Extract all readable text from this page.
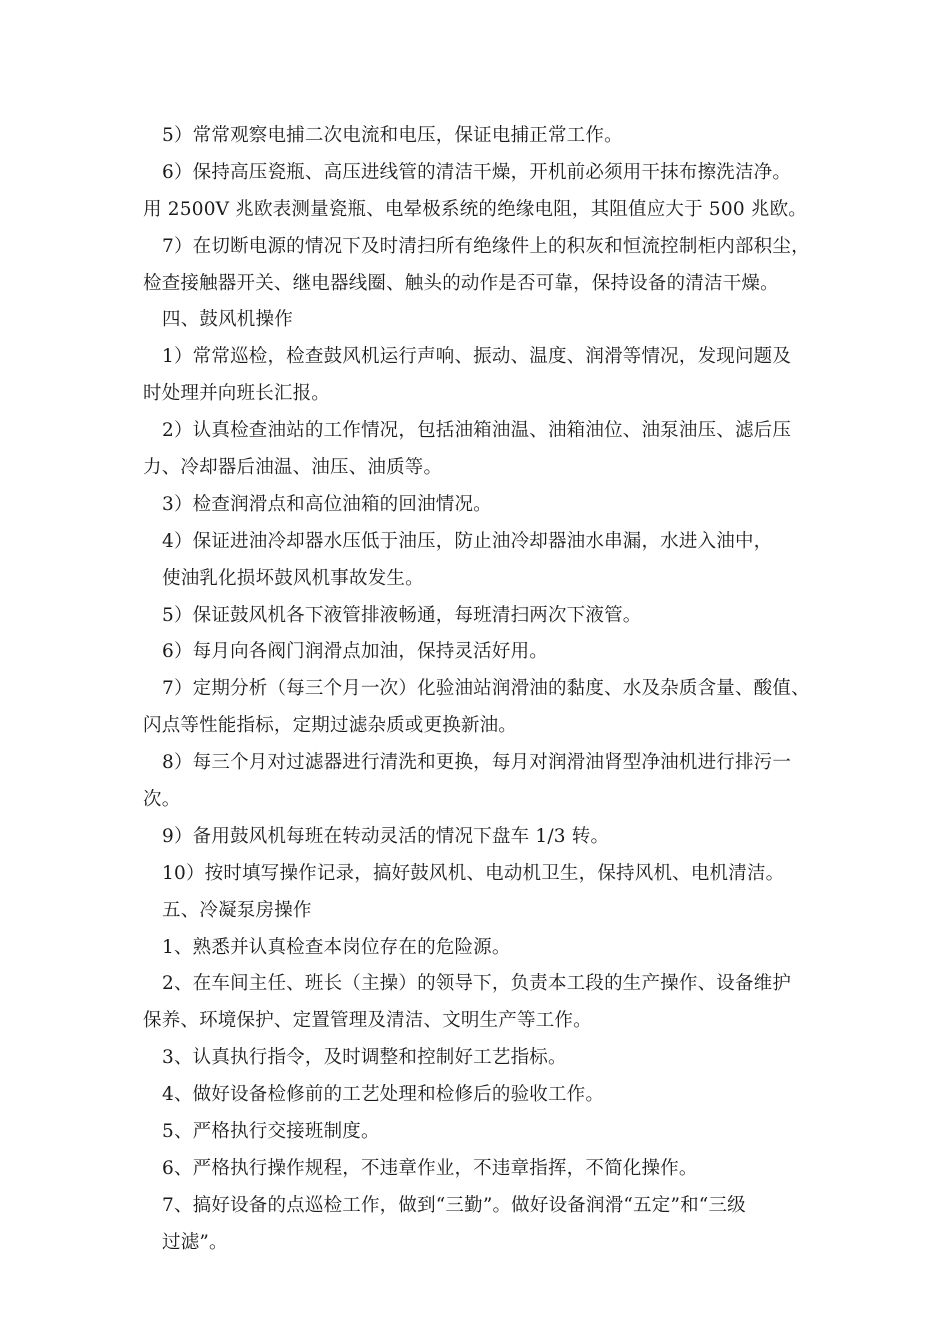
5）常常观察电捕二次电流和电压，保证电捕正常工作。
6）保持高压瓷瓶、高压进线管的清洁干燥，开机前必须用干抹布擦洗洁净。
用 2500V 兆欧表测量瓷瓶、电晕极系统的绝缘电阻，其阻值应大于 500 兆欧。
7）在切断电源的情况下及时清扫所有绝缘件上的积灰和恒流控制柜内部积尘，
检查接触器开关、继电器线圈、触头的动作是否可靠，保持设备的清洁干燥。
四、鼓风机操作
1）常常巡检，检查鼓风机运行声响、振动、温度、润滑等情况，发现问题及
时处理并向班长汇报。
2）认真检查油站的工作情况，包括油箱油温、油箱油位、油泵油压、滤后压
力、冷却器后油温、油压、油质等。
3）检查润滑点和高位油箱的回油情况。
4）保证进油冷却器水压低于油压，防止油冷却器油水串漏，水进入油中，
使油乳化损坏鼓风机事故发生。
5）保证鼓风机各下液管排液畅通，每班清扫两次下液管。
6）每月向各阀门润滑点加油，保持灵活好用。
7）定期分析（每三个月一次）化验油站润滑油的黏度、水及杂质含量、酸值、
闪点等性能指标，定期过滤杂质或更换新油。
8）每三个月对过滤器进行清洗和更换，每月对润滑油肾型净油机进行排污一
次。
9）备用鼓风机每班在转动灵活的情况下盘车 1/3 转。
10）按时填写操作记录，搞好鼓风机、电动机卫生，保持风机、电机清洁。
五、冷凝泵房操作
1、熟悉并认真检查本岗位存在的危险源。
2、在车间主任、班长（主操）的领导下，负责本工段的生产操作、设备维护
保养、环境保护、定置管理及清洁、文明生产等工作。
3、认真执行指令，及时调整和控制好工艺指标。
4、做好设备检修前的工艺处理和检修后的验收工作。
5、严格执行交接班制度。
6、严格执行操作规程，不违章作业，不违章指挥，不简化操作。
7、搞好设备的点巡检工作，做到“三勤”。做好设备润滑“五定”和“三级
过滤”。
